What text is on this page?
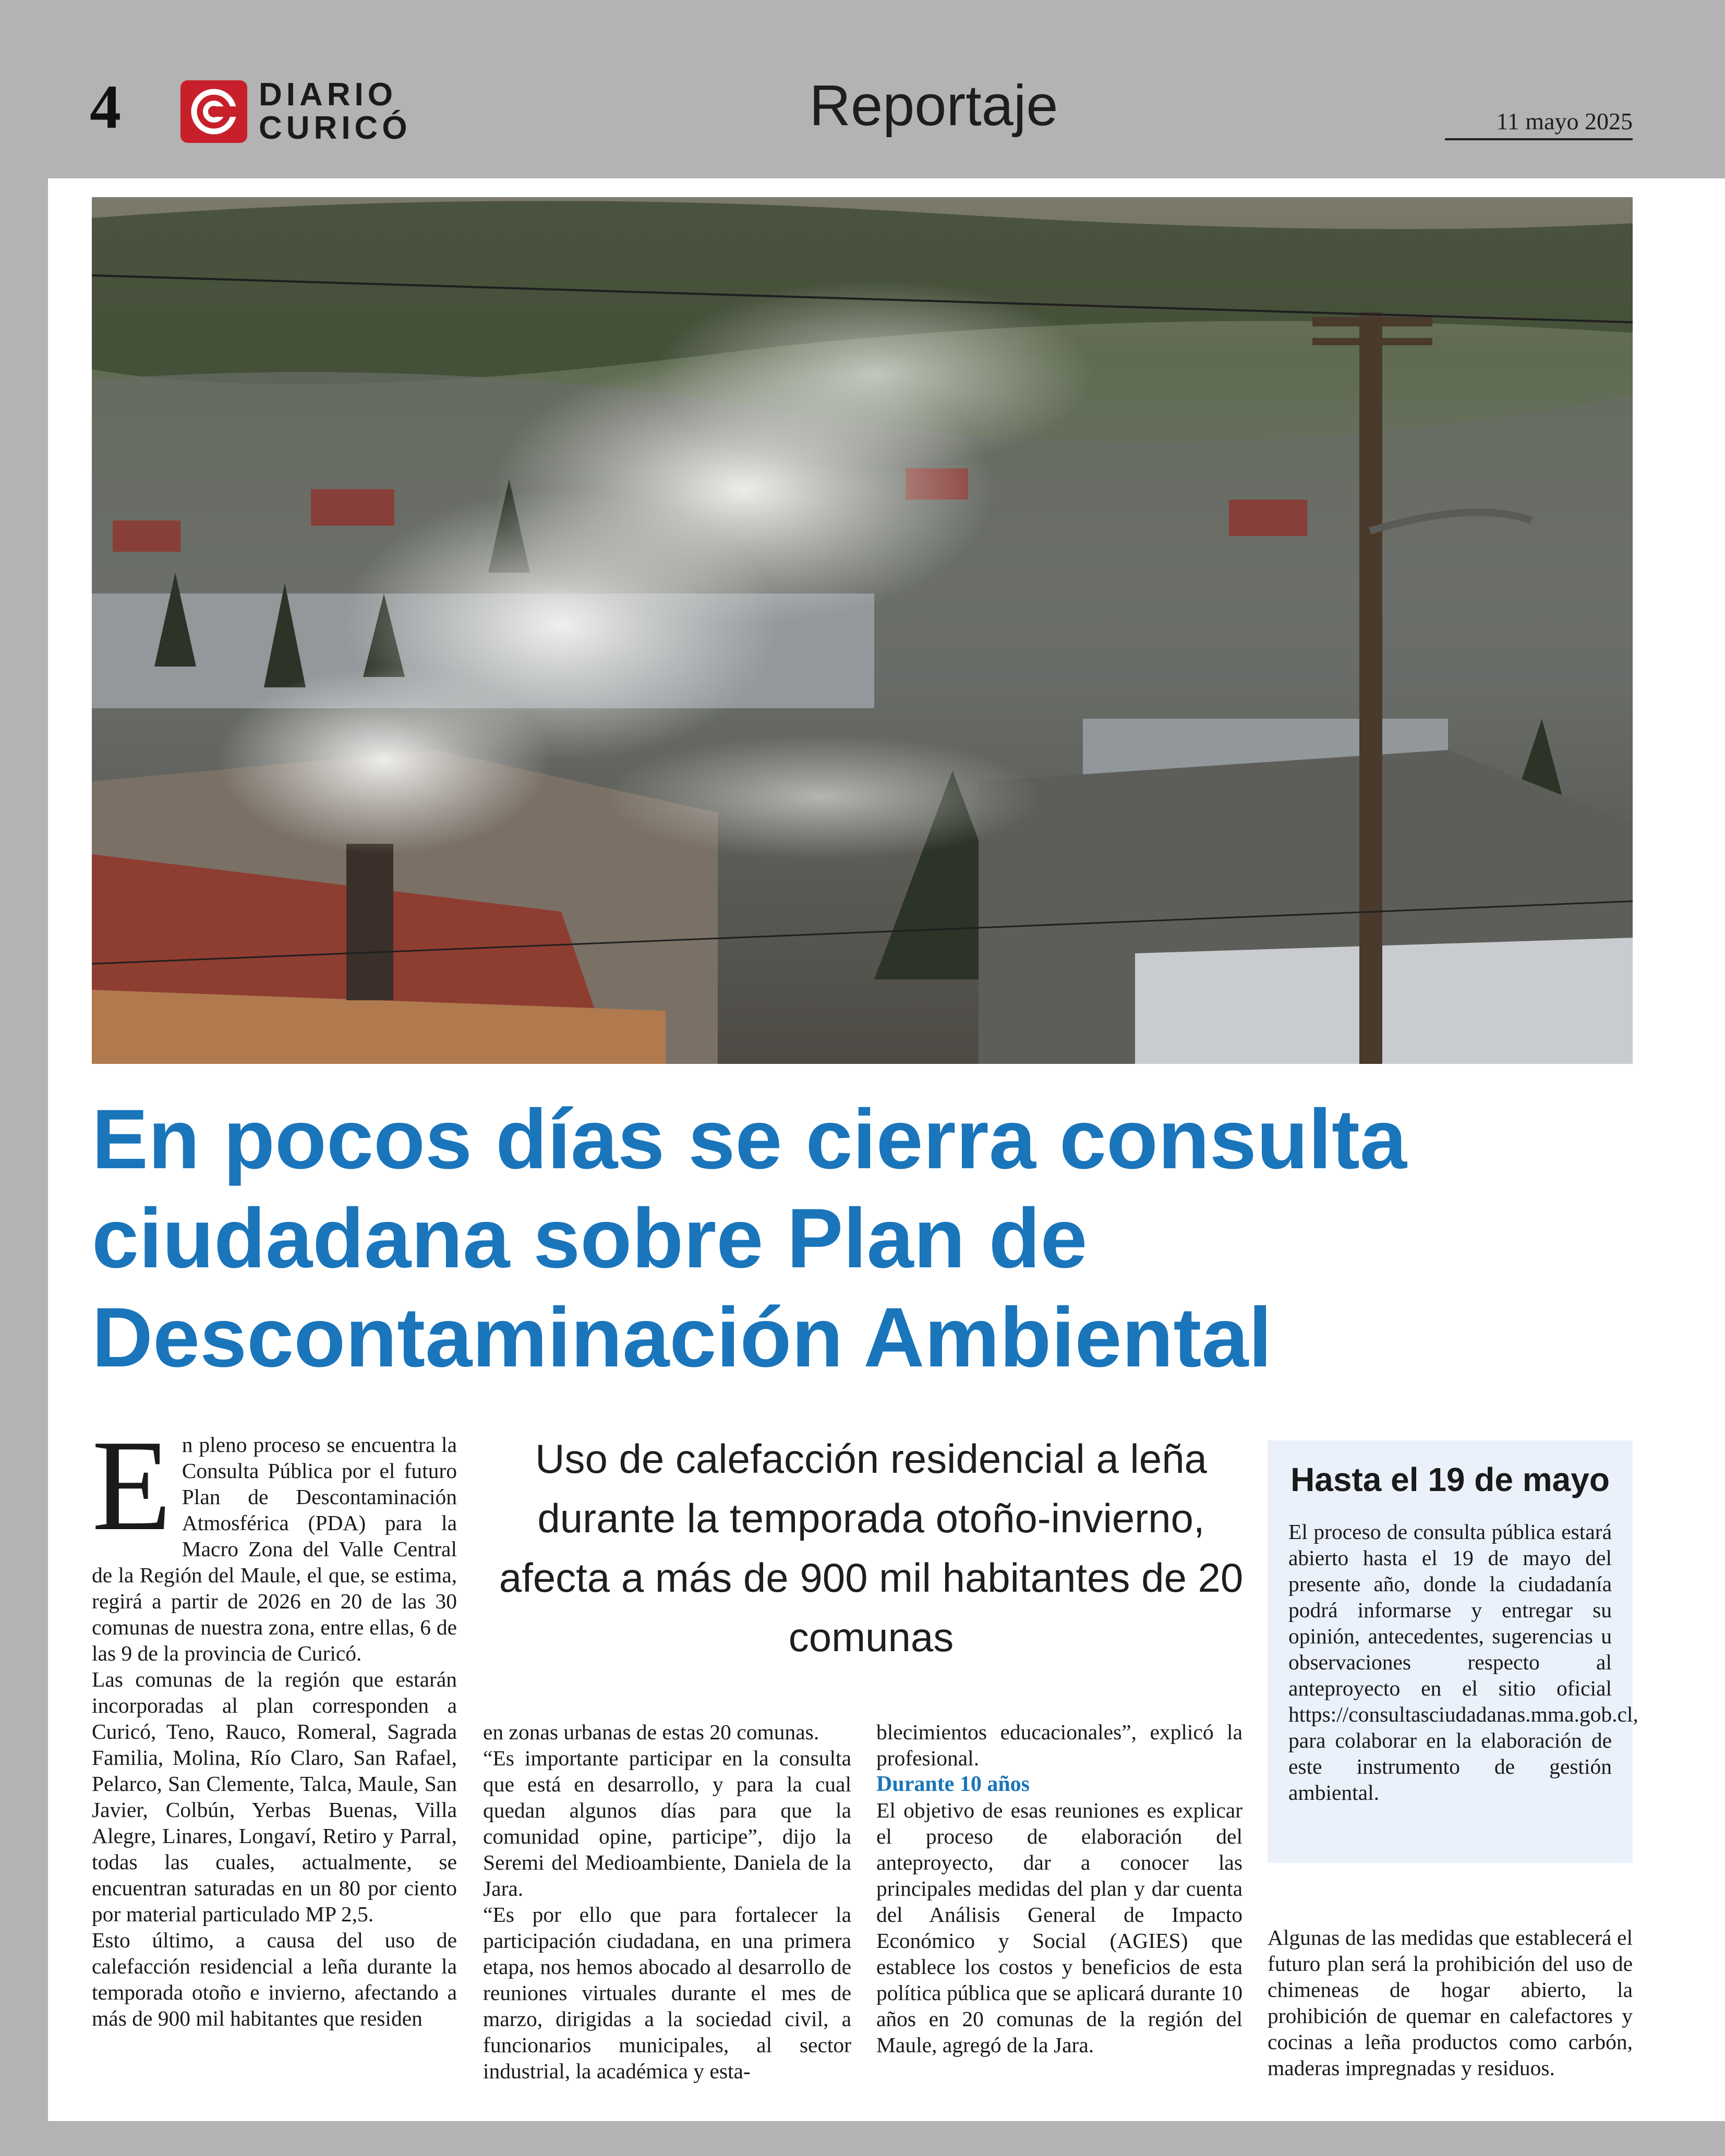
4	DIARIO
CURICÓ	Reportaje	11 mayo 2025
En pocos días se cierra consulta ciudadana sobre Plan de Descontaminación Ambiental

En pleno proceso se encuentra la Consulta Pública por el futuro Plan de Descontaminación Atmosférica (PDA) para la Macro Zona del Valle Central de la Región del Maule, el que, se estima, regirá a partir de 2026 en 20 de las 30 comunas de nuestra zona, entre ellas, 6 de las 9 de la provincia de Curicó.

Las comunas de la región que estarán incorporadas al plan corresponden a Curicó, Teno, Rauco, Romeral, Sagrada Familia, Molina, Río Claro, San Rafael, Pelarco, San Clemente, Talca, Maule, San Javier, Colbún, Yerbas Buenas, Villa Alegre, Linares, Longaví, Retiro y Parral, todas las cuales, actualmente, se encuentran saturadas en un 80 por ciento por material particulado MP 2,5.

Esto último, a causa del uso de calefacción residencial a leña durante la temporada otoño e invierno, afectando a más de 900 mil habitantes que residen

Uso de calefacción residencial a leña durante la temporada otoño-invierno, afecta a más de 900 mil habitantes de 20 comunas

en zonas urbanas de estas 20 comunas.

“Es importante participar en la consulta que está en desarrollo, y para la cual quedan algunos días para que la comunidad opine, participe”, dijo la Seremi del Medioambiente, Daniela de la Jara.

“Es por ello que para fortalecer la participación ciudadana, en una primera etapa, nos hemos abocado al desarrollo de reuniones virtuales durante el mes de marzo, dirigidas a la sociedad civil, a funcionarios municipales, al sector industrial, la académica y esta-

blecimientos educacionales”, explicó la profesional.

Durante 10 años

El objetivo de esas reuniones es explicar el proceso de elaboración del anteproyecto, dar a conocer las principales medidas del plan y dar cuenta del Análisis General de Impacto Económico y Social (AGIES) que establece los costos y beneficios de esta política pública que se aplicará durante 10 años en 20 comunas de la región del Maule, agregó de la Jara.

Hasta el 19 de mayo
El proceso de consulta pública estará abierto hasta el 19 de mayo del presente año, donde la ciudadanía podrá informarse y entregar su opinión, antecedentes, sugerencias u observaciones respecto al anteproyecto en el sitio oficial https://consultasciudadanas.mma.gob.cl, para colaborar en la elaboración de este instrumento de gestión ambiental.

Algunas de las medidas que establecerá el futuro plan será la prohibición del uso de chimeneas de hogar abierto, la prohibición de quemar en calefactores y cocinas a leña productos como carbón, maderas impregnadas y residuos.
